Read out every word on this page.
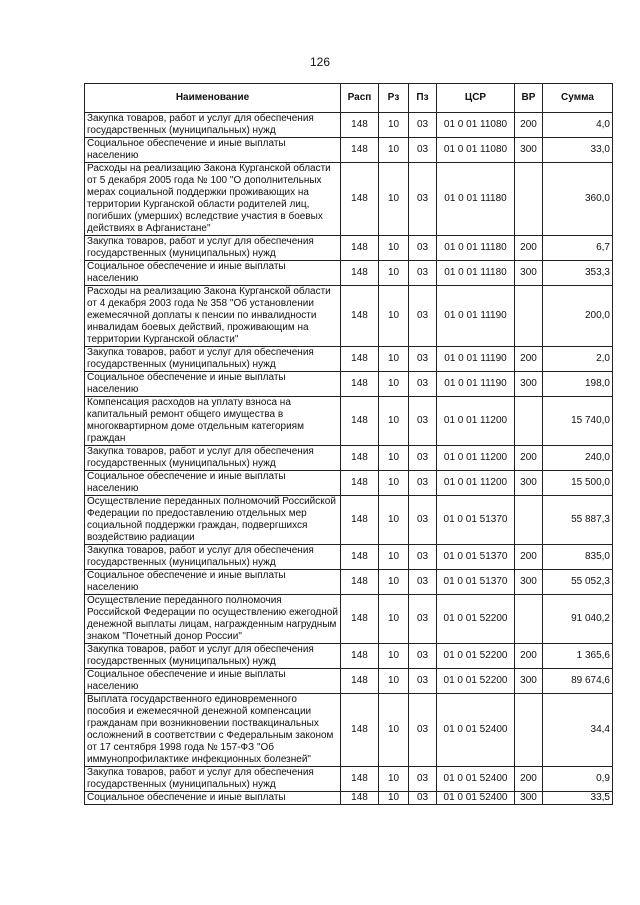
126
Наименование	Расп	Рз	Пз	ЦСР	ВР	Сумма
Закупка товаров, работ и услуг для обеспечения государственных (муниципальных) нужд	148	10	03	01 0 01 11080	200	4,0
Социальное обеспечение и иные выплаты населению	148	10	03	01 0 01 11080	300	33,0
Расходы на реализацию Закона Курганской области от 5 декабря 2005 года № 100 "О дополнительных мерах социальной поддержки проживающих на территории Курганской области родителей лиц, погибших (умерших) вследствие участия в боевых действиях в Афганистане"	148	10	03	01 0 01 11180		360,0
Закупка товаров, работ и услуг для обеспечения государственных (муниципальных) нужд	148	10	03	01 0 01 11180	200	6,7
Социальное обеспечение и иные выплаты населению	148	10	03	01 0 01 11180	300	353,3
Расходы на реализацию Закона Курганской области от 4 декабря 2003 года № 358 "Об установлении ежемесячной доплаты к пенсии по инвалидности инвалидам боевых действий, проживающим на территории Курганской области"	148	10	03	01 0 01 11190		200,0
Закупка товаров, работ и услуг для обеспечения государственных (муниципальных) нужд	148	10	03	01 0 01 11190	200	2,0
Социальное обеспечение и иные выплаты населению	148	10	03	01 0 01 11190	300	198,0
Компенсация расходов на уплату взноса на капитальный ремонт общего имущества в многоквартирном доме отдельным категориям граждан	148	10	03	01 0 01 11200		15 740,0
Закупка товаров, работ и услуг для обеспечения государственных (муниципальных) нужд	148	10	03	01 0 01 11200	200	240,0
Социальное обеспечение и иные выплаты населению	148	10	03	01 0 01 11200	300	15 500,0
Осуществление переданных полномочий Российской Федерации по предоставлению отдельных мер социальной поддержки граждан, подвергшихся воздействию радиации	148	10	03	01 0 01 51370		55 887,3
Закупка товаров, работ и услуг для обеспечения государственных (муниципальных) нужд	148	10	03	01 0 01 51370	200	835,0
Социальное обеспечение и иные выплаты населению	148	10	03	01 0 01 51370	300	55 052,3
Осуществление переданного полномочия Российской Федерации по осуществлению ежегодной денежной выплаты лицам, награжденным нагрудным знаком "Почетный донор России"	148	10	03	01 0 01 52200		91 040,2
Закупка товаров, работ и услуг для обеспечения государственных (муниципальных) нужд	148	10	03	01 0 01 52200	200	1 365,6
Социальное обеспечение и иные выплаты населению	148	10	03	01 0 01 52200	300	89 674,6
Выплата государственного единовременного пособия и ежемесячной денежной компенсации гражданам при возникновении поствакцинальных осложнений в соответствии с Федеральным законом от 17 сентября 1998 года № 157-ФЗ "Об иммунопрофилактике инфекционных болезней"	148	10	03	01 0 01 52400		34,4
Закупка товаров, работ и услуг для обеспечения государственных (муниципальных) нужд	148	10	03	01 0 01 52400	200	0,9
Социальное обеспечение и иные выплаты	148	10	03	01 0 01 52400	300	33,5
